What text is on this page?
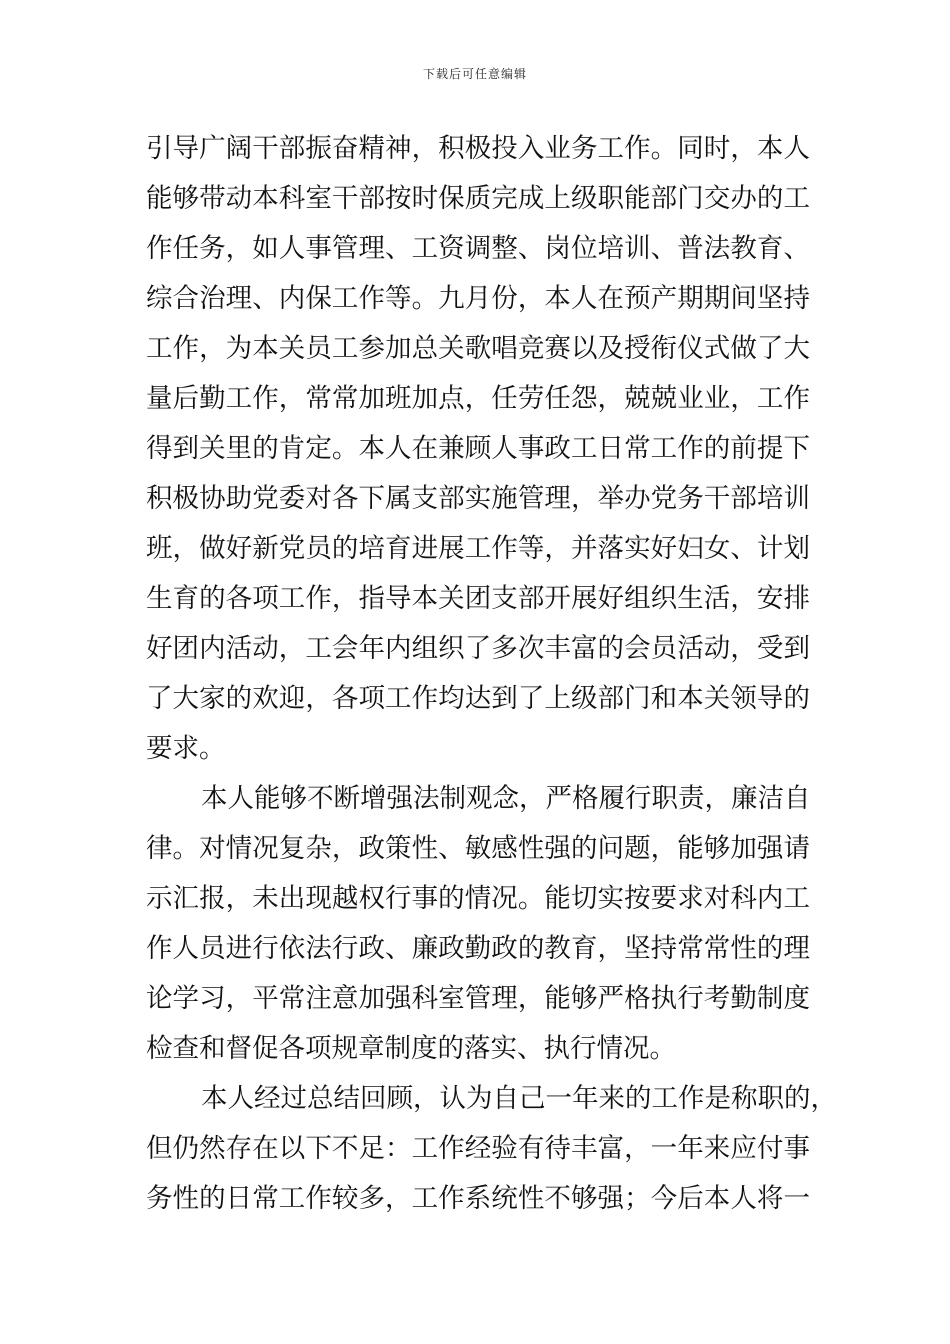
下载后可任意编辑
引导广阔干部振奋精神，积极投入业务工作。同时，本人
能够带动本科室干部按时保质完成上级职能部门交办的工
作任务，如人事管理、工资调整、岗位培训、普法教育、
综合治理、内保工作等。九月份，本人在预产期期间坚持
工作，为本关员工参加总关歌唱竞赛以及授衔仪式做了大
量后勤工作，常常加班加点，任劳任怨，兢兢业业，工作
得到关里的肯定。本人在兼顾人事政工日常工作的前提下
积极协助党委对各下属支部实施管理，举办党务干部培训
班，做好新党员的培育进展工作等，并落实好妇女、计划
生育的各项工作，指导本关团支部开展好组织生活，安排
好团内活动，工会年内组织了多次丰富的会员活动，受到
了大家的欢迎，各项工作均达到了上级部门和本关领导的
要求。
本人能够不断增强法制观念，严格履行职责，廉洁自
律。对情况复杂，政策性、敏感性强的问题，能够加强请
示汇报，未出现越权行事的情况。能切实按要求对科内工
作人员进行依法行政、廉政勤政的教育，坚持常常性的理
论学习，平常注意加强科室管理，能够严格执行考勤制度
检查和督促各项规章制度的落实、执行情况。
本人经过总结回顾，认为自己一年来的工作是称职的，
但仍然存在以下不足：工作经验有待丰富，一年来应付事
务性的日常工作较多，工作系统性不够强；今后本人将一
